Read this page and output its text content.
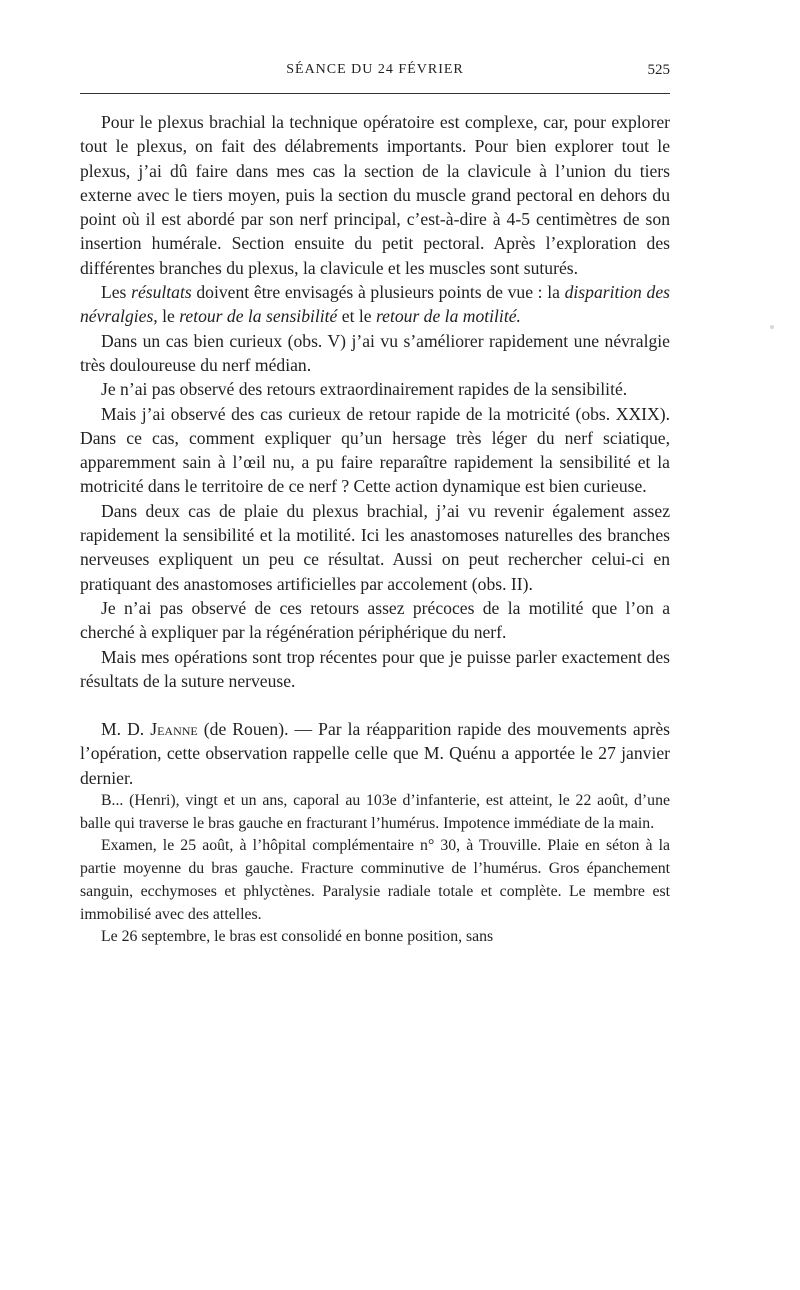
SÉANCE DU 24 FÉVRIER	525

Pour le plexus brachial la technique opératoire est complexe, car, pour explorer tout le plexus, on fait des délabrements importants. Pour bien explorer tout le plexus, j’ai dû faire dans mes cas la section de la clavicule à l’union du tiers externe avec le tiers moyen, puis la section du muscle grand pectoral en dehors du point où il est abordé par son nerf principal, c’est-à-dire à 4-5 centimètres de son insertion humérale. Section ensuite du petit pectoral. Après l’exploration des différentes branches du plexus, la clavicule et les muscles sont suturés.

Les résultats doivent être envisagés à plusieurs points de vue : la disparition des névralgies, le retour de la sensibilité et le retour de la motilité.

Dans un cas bien curieux (obs. V) j’ai vu s’améliorer rapidement une névralgie très douloureuse du nerf médian.

Je n’ai pas observé des retours extraordinairement rapides de la sensibilité.

Mais j’ai observé des cas curieux de retour rapide de la motricité (obs. XXIX). Dans ce cas, comment expliquer qu’un hersage très léger du nerf sciatique, apparemment sain à l’œil nu, a pu faire reparaître rapidement la sensibilité et la motricité dans le territoire de ce nerf ? Cette action dynamique est bien curieuse.

Dans deux cas de plaie du plexus brachial, j’ai vu revenir également assez rapidement la sensibilité et la motilité. Ici les anastomoses naturelles des branches nerveuses expliquent un peu ce résultat. Aussi on peut rechercher celui-ci en pratiquant des anastomoses artificielles par accolement (obs. II).

Je n’ai pas observé de ces retours assez précoces de la motilité que l’on a cherché à expliquer par la régénération périphérique du nerf.

Mais mes opérations sont trop récentes pour que je puisse parler exactement des résultats de la suture nerveuse.

M. D. Jeanne (de Rouen). — Par la réapparition rapide des mouvements après l’opération, cette observation rappelle celle que M. Quénu a apportée le 27 janvier dernier.

B... (Henri), vingt et un ans, caporal au 103e d’infanterie, est atteint, le 22 août, d’une balle qui traverse le bras gauche en fracturant l’humérus. Impotence immédiate de la main.

Examen, le 25 août, à l’hôpital complémentaire n° 30, à Trouville. Plaie en séton à la partie moyenne du bras gauche. Fracture comminutive de l’humérus. Gros épanchement sanguin, ecchymoses et phlyctènes. Paralysie radiale totale et complète. Le membre est immobilisé avec des attelles.

Le 26 septembre, le bras est consolidé en bonne position, sans
